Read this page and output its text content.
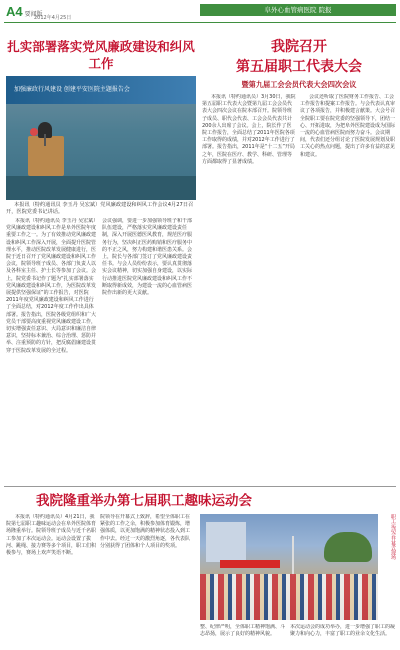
A4 要闻版
2012年4月25日
阜外心血管病医院 院报
扎实部署落实党风廉政建设和纠风工作
加强廉政行风建设 创建平安医院主题报告会

本报讯（特约通讯员 李玉丹 吴宏斌）党风廉政建设和纠风工作会议4月27日召开，医院党委书记讲话。

本报讯（特约通讯员 李玉丹 吴宏斌）党风廉政建设和纠风工作是阜外医院年度重要工作之一。为了有效推动党风廉政建设和纠风工作深入开展，全面提升医院管理水平，推动医院改革发展健康进行，医院于近日召开了党风廉政建设和纠风工作会议，院领导班子成员、各部门负责人以及各科室主任、护士长等参加了会议。会上，院党委书记作了题为“扎实部署落实党风廉政建设和纠风工作，为医院改革发展提供坚强保证”的工作报告，对医院2011年度党风廉政建设和纠风工作进行了全面总结，对2012年度工作作出具体部署。报告指出，医院各级党组织和广大党员干部要高度重视党风廉政建设工作，切实增强责任意识、大局意识和廉洁自律意识，坚持标本兼治、综合治理、惩防并举、注重预防的方针，把反腐倡廉建设贯穿于医院改革发展的全过程。
会议强调，要进一步加强领导班子和干部队伍建设，严格落实党风廉政建设责任制，深入开展医德医风教育，规范医疗服务行为，坚决纠正医药购销和医疗服务中的不正之风，努力构建和谐医患关系。会上，院长与各部门签订了党风廉政建设责任书。与会人员纷纷表示，要认真贯彻落实会议精神，切实加强自身建设，以实际行动推进医院党风廉政建设和纠风工作不断取得新成效，为建设一流的心血管病医院作出新的更大贡献。
我院召开
第五届职工代表大会
暨第九届工会会员代表大会四次会议
本报讯（特约通讯员）3月30日，我院第五届职工代表大会暨第九届工会会员代表大会四次会议在院本部召开。院领导班子成员、职代会代表、工会会员代表共计200余人出席了会议。会上，院长作了医院工作报告，全面总结了2011年医院各项工作取得的成绩，并对2012年工作进行了部署。报告指出，2011年是“十二五”开局之年，医院在医疗、教学、科研、管理等方面都取得了显著成绩。
会议还听取了医院财务工作报告、工会工作报告和提案工作报告。与会代表认真审议了各项报告，并积极建言献策。大会号召全院职工要在院党委的坚强领导下，团结一心、开拓进取，为把阜外医院建设成为国际一流的心血管病医院而努力奋斗。会议期间，代表们还分组讨论了医院发展规划及职工关心的热点问题，提出了许多有益的意见和建议。
我院隆重举办第七届职工趣味运动会
本报讯（特约通讯员）4月21日，我院第七届职工趣味运动会在阜外医院体育场隆重举行。院领导班子成员与近千名职工参加了本次运动会。运动会设置了拔河、跳绳、接力赛等多个项目，职工们积极参与，赛场上欢声笑语不断。
院领导在开幕式上致辞，希望全体职工在紧张的工作之余，积极参加体育锻炼，增强体质，以更加饱满的精神状态投入到工作中去。经过一天的激烈角逐，各代表队分别获得了团体和个人项目的奖项。	职工运动会开幕式现场
整、纪律严明，全体职工精神饱满、斗志昂扬，展示了良好的精神风貌。
本次运动会的成功举办，进一步增强了职工的凝聚力和向心力，丰富了职工的业余文化生活。
